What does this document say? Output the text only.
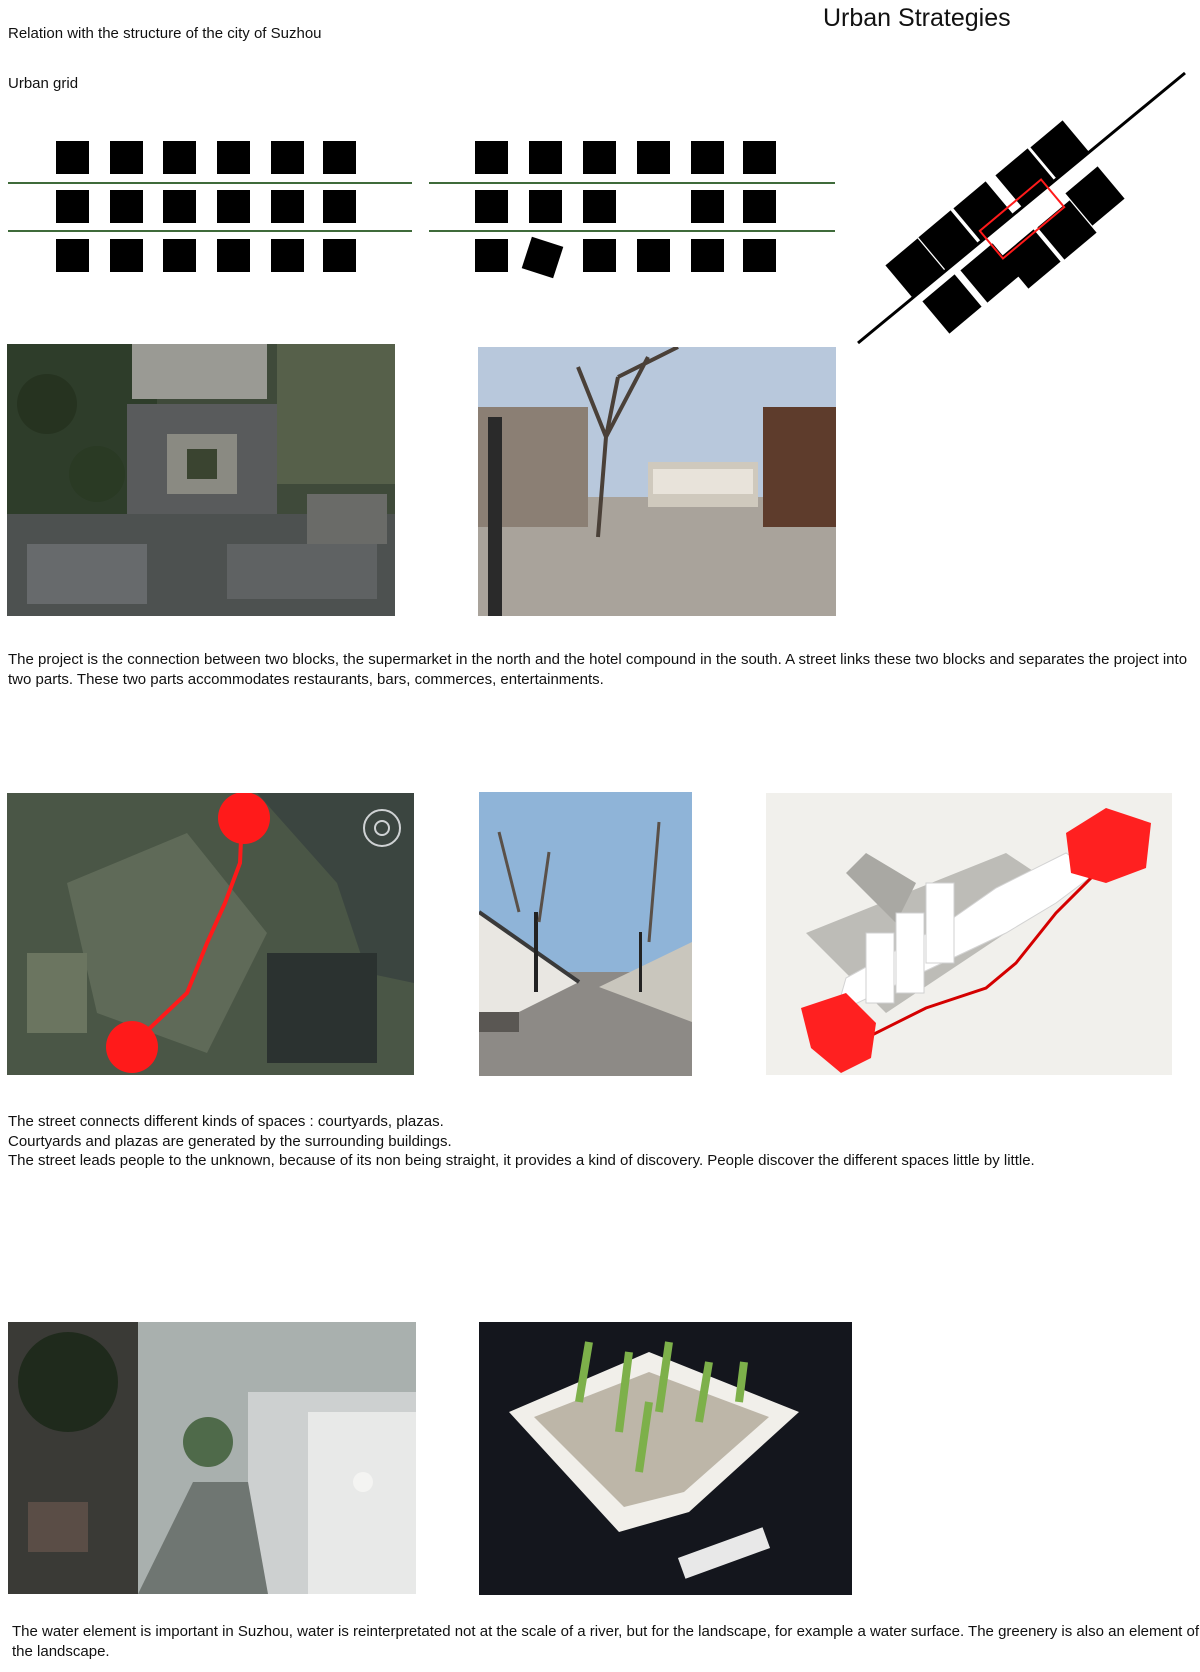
Urban Strategies
Relation with the structure of the city of Suzhou
Urban grid

The project is the connection between two blocks, the supermarket in the north and the hotel compound in the south. A street links these two blocks and separates the project into two parts. These two parts accommodates restaurants, bars, commerces, entertainments.

The street connects different kinds of spaces : courtyards, plazas.

Courtyards and plazas are generated by the surrounding buildings.

The street leads people to the unknown, because of its non being straight, it provides a kind of discovery. People discover the different spaces little by little.

The water element is important in Suzhou, water is reinterpretated not at the scale of a river, but for the landscape, for example a water surface. The greenery is also an element of the landscape.
